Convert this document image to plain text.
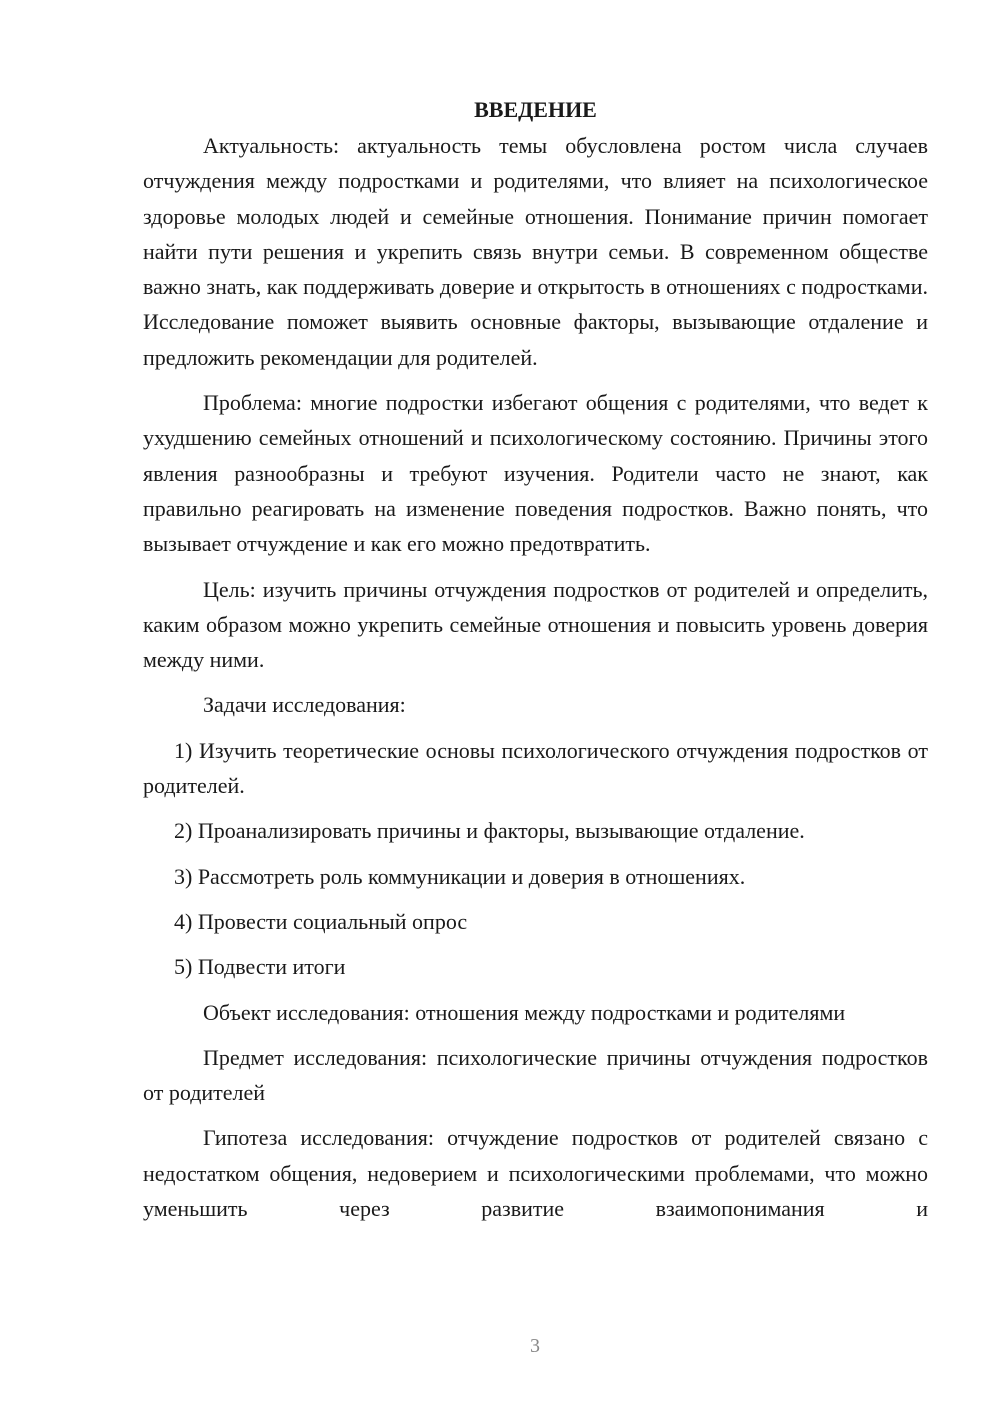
ВВЕДЕНИЕ

Актуальность: актуальность темы обусловлена ростом числа случаев отчуждения между подростками и родителями, что влияет на психологическое здоровье молодых людей и семейные отношения. Понимание причин помогает найти пути решения и укрепить связь внутри семьи. В современном обществе важно знать, как поддерживать доверие и открытость в отношениях с подростками. Исследование поможет выявить основные факторы, вызывающие отдаление и предложить рекомендации для родителей.

Проблема: многие подростки избегают общения с родителями, что ведет к ухудшению семейных отношений и психологическому состоянию. Причины этого явления разнообразны и требуют изучения. Родители часто не знают, как правильно реагировать на изменение поведения подростков. Важно понять, что вызывает отчуждение и как его можно предотвратить.

Цель: изучить причины отчуждения подростков от родителей и определить, каким образом можно укрепить семейные отношения и повысить уровень доверия между ними.

Задачи исследования:

1) Изучить теоретические основы психологического отчуждения подростков от родителей.

2) Проанализировать причины и факторы, вызывающие отдаление.

3) Рассмотреть роль коммуникации и доверия в отношениях.

4) Провести социальный опрос

5) Подвести итоги

Объект исследования: отношения между подростками и родителями

Предмет исследования: психологические причины отчуждения подростков от родителей

Гипотеза исследования: отчуждение подростков от родителей связано с недостатком общения, недоверием и психологическими проблемами, что можно уменьшить через развитие взаимопонимания и

3
